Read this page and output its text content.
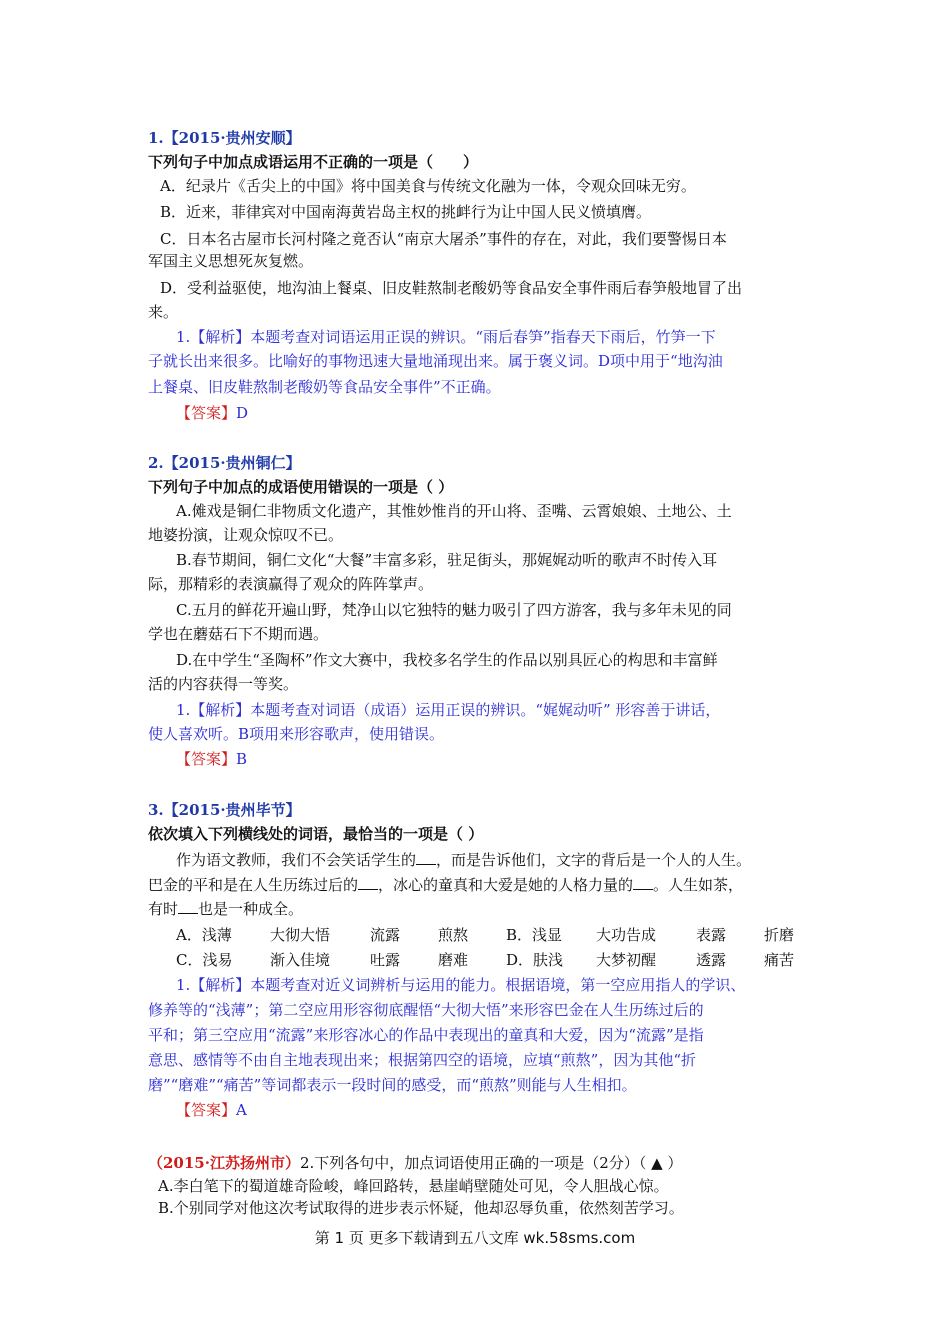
1.【2015·贵州安顺】
下列句子中加点成语运用不正确的一项是（　　）
A．纪录片《舌尖上的中国》将中国美食与传统文化融为一体，令观众回味无穷。
B．近来，菲律宾对中国南海黄岩岛主权的挑衅行为让中国人民义愤填膺。
C．日本名古屋市长河村隆之竟否认“南京大屠杀”事件的存在，对此，我们要警惕日本
军国主义思想死灰复燃。
D．受利益驱使，地沟油上餐桌、旧皮鞋熬制老酸奶等食品安全事件雨后春笋般地冒了出
来。
1.【解析】本题考查对词语运用正误的辨识。“雨后春笋”指春天下雨后，竹笋一下
子就长出来很多。比喻好的事物迅速大量地涌现出来。属于褒义词。D项中用于“地沟油
上餐桌、旧皮鞋熬制老酸奶等食品安全事件”不正确。
【答案】D
2.【2015·贵州铜仁】
下列句子中加点的成语使用错误的一项是（ ）
A.傩戏是铜仁非物质文化遗产，其惟妙惟肖的开山将、歪嘴、云霄娘娘、土地公、土
地婆扮演，让观众惊叹不已。
B.春节期间，铜仁文化“大餐”丰富多彩，驻足街头，那娓娓动听的歌声不时传入耳
际，那精彩的表演赢得了观众的阵阵掌声。
C.五月的鲜花开遍山野，梵净山以它独特的魅力吸引了四方游客，我与多年未见的同
学也在蘑菇石下不期而遇。
D.在中学生“圣陶杯”作文大赛中，我校多名学生的作品以别具匠心的构思和丰富鲜
活的内容获得一等奖。
1.【解析】本题考查对词语（成语）运用正误的辨识。“娓娓动听” 形容善于讲话，
使人喜欢听。B项用来形容歌声，使用错误。
【答案】B
3.【2015·贵州毕节】
依次填入下列横线处的词语，最恰当的一项是（ ）
作为语文教师，我们不会笑话学生的 ，而是告诉他们，文字的背后是一个人的人生。
巴金的平和是在人生历练过后的 ，冰心的童真和大爱是她的人格力量的 。人生如茶，
有时 也是一种成全。
A．浅薄	大彻大悟	流露	煎熬	B．浅显 大功告成	表露	折磨
C．浅易	渐入佳境	吐露	磨难	D．肤浅 大梦初醒	透露	痛苦
1.【解析】本题考查对近义词辨析与运用的能力。根据语境，第一空应用指人的学识、
修养等的“浅薄”；第二空应用形容彻底醒悟“大彻大悟”来形容巴金在人生历练过后的
平和；第三空应用“流露”来形容冰心的作品中表现出的童真和大爱，因为“流露”是指
意思、感情等不由自主地表现出来；根据第四空的语境，应填“煎熬”，因为其他“折
磨”“磨难”“痛苦”等词都表示一段时间的感受，而“煎熬”则能与人生相扣。
【答案】A
（2015·江苏扬州市）2.下列各句中，加点词语使用正确的一项是（2分）（ ▲ ）
A.李白笔下的蜀道雄奇险峻，峰回路转，悬崖峭壁随处可见，令人胆战心惊。
B.个别同学对他这次考试取得的进步表示怀疑，他却忍辱负重，依然刻苦学习。
第 1 页 更多下载请到五八文库 wk.58sms.com
